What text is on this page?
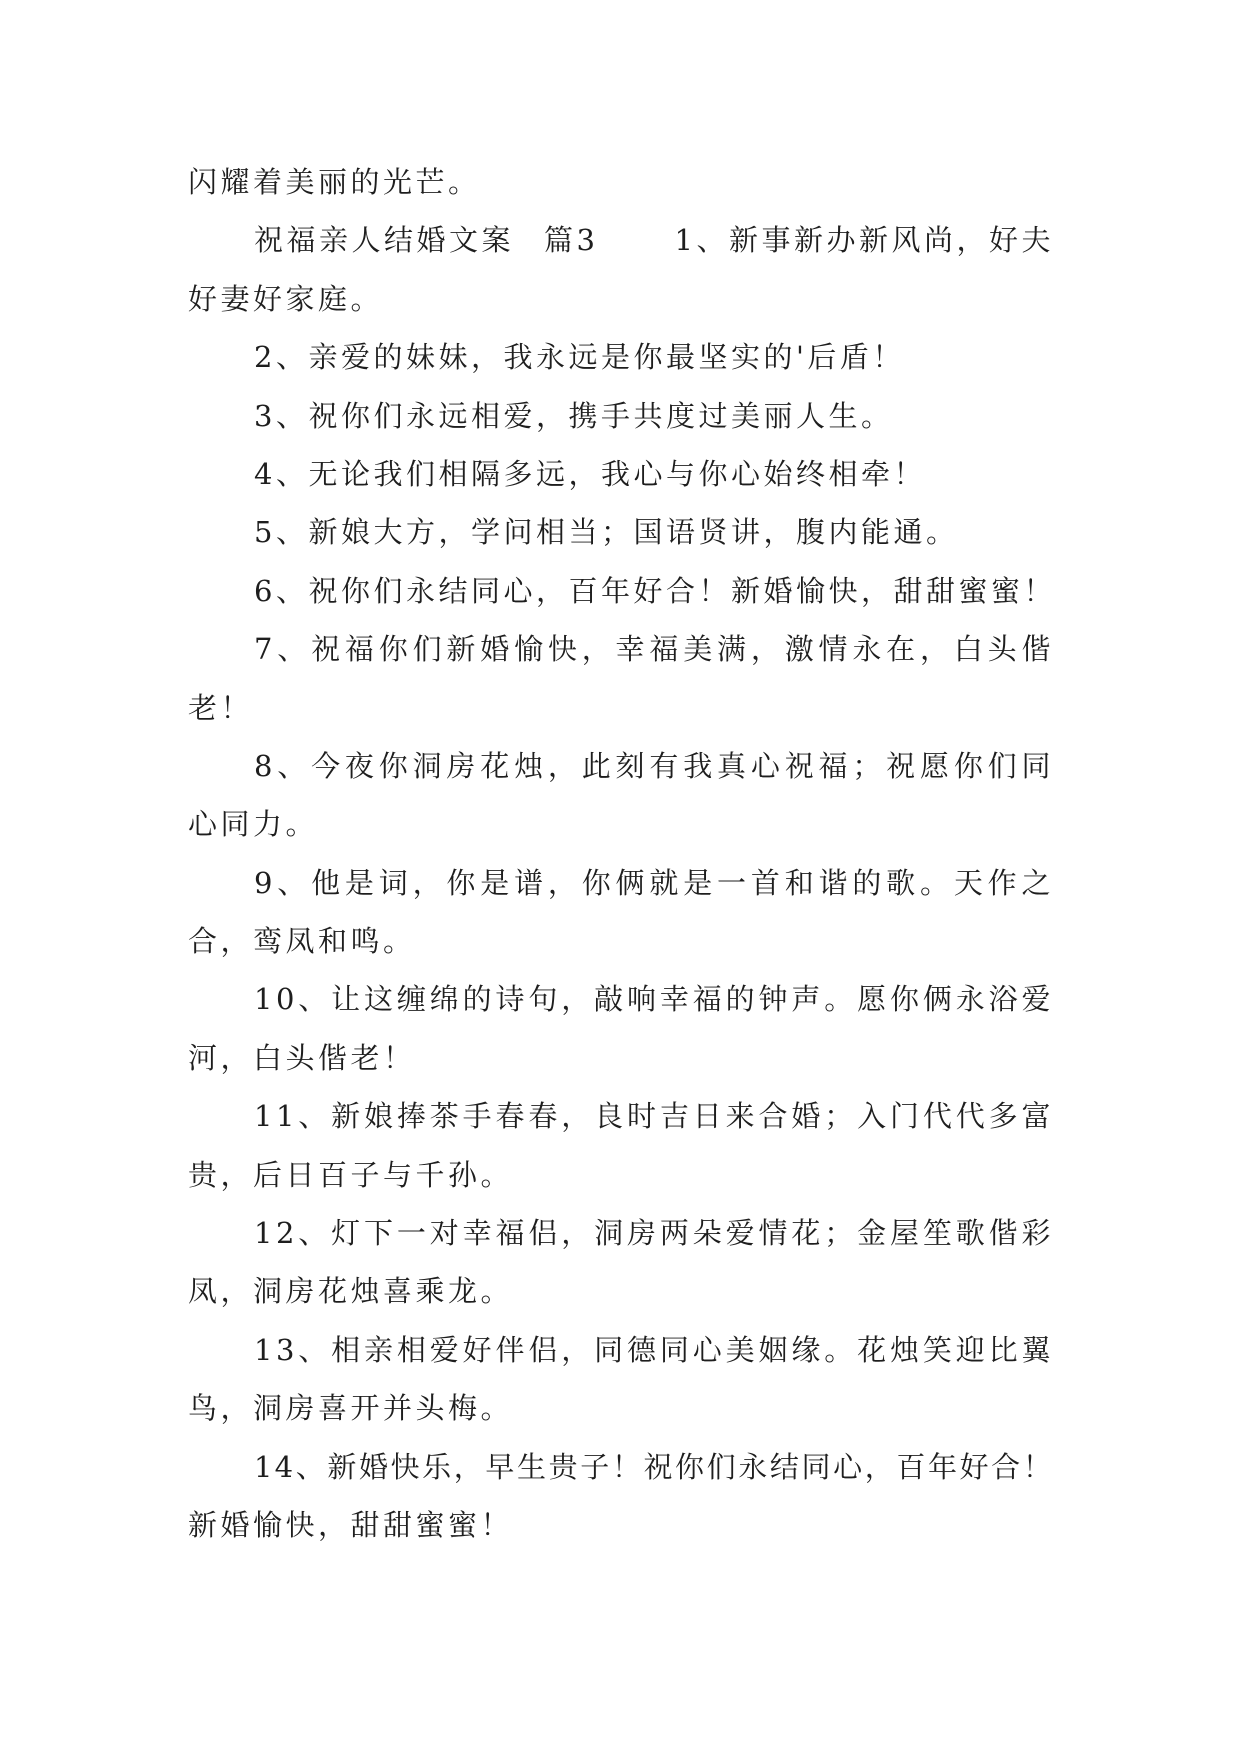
闪耀着美丽的光芒。

祝福亲人结婚文案 篇3	1、新事新办新风尚，好夫

好妻好家庭。

2、亲爱的妹妹，我永远是你最坚实的'后盾！

3、祝你们永远相爱，携手共度过美丽人生。

4、无论我们相隔多远，我心与你心始终相牵！

5、新娘大方，学问相当；国语贤讲，腹内能通。

6、祝你们永结同心，百年好合！新婚愉快，甜甜蜜蜜！

7、祝福你们新婚愉快，幸福美满，激情永在，白头偕

老！

8、今夜你洞房花烛，此刻有我真心祝福；祝愿你们同

心同力。

9、他是词，你是谱，你俩就是一首和谐的歌。天作之

合，鸾凤和鸣。

10、让这缠绵的诗句，敲响幸福的钟声。愿你俩永浴爱

河，白头偕老！

11、新娘捧茶手春春，良时吉日来合婚；入门代代多富

贵，后日百子与千孙。

12、灯下一对幸福侣，洞房两朵爱情花；金屋笙歌偕彩

凤，洞房花烛喜乘龙。

13、相亲相爱好伴侣，同德同心美姻缘。花烛笑迎比翼

鸟，洞房喜开并头梅。

14、新婚快乐，早生贵子！祝你们永结同心，百年好合！

新婚愉快，甜甜蜜蜜！
